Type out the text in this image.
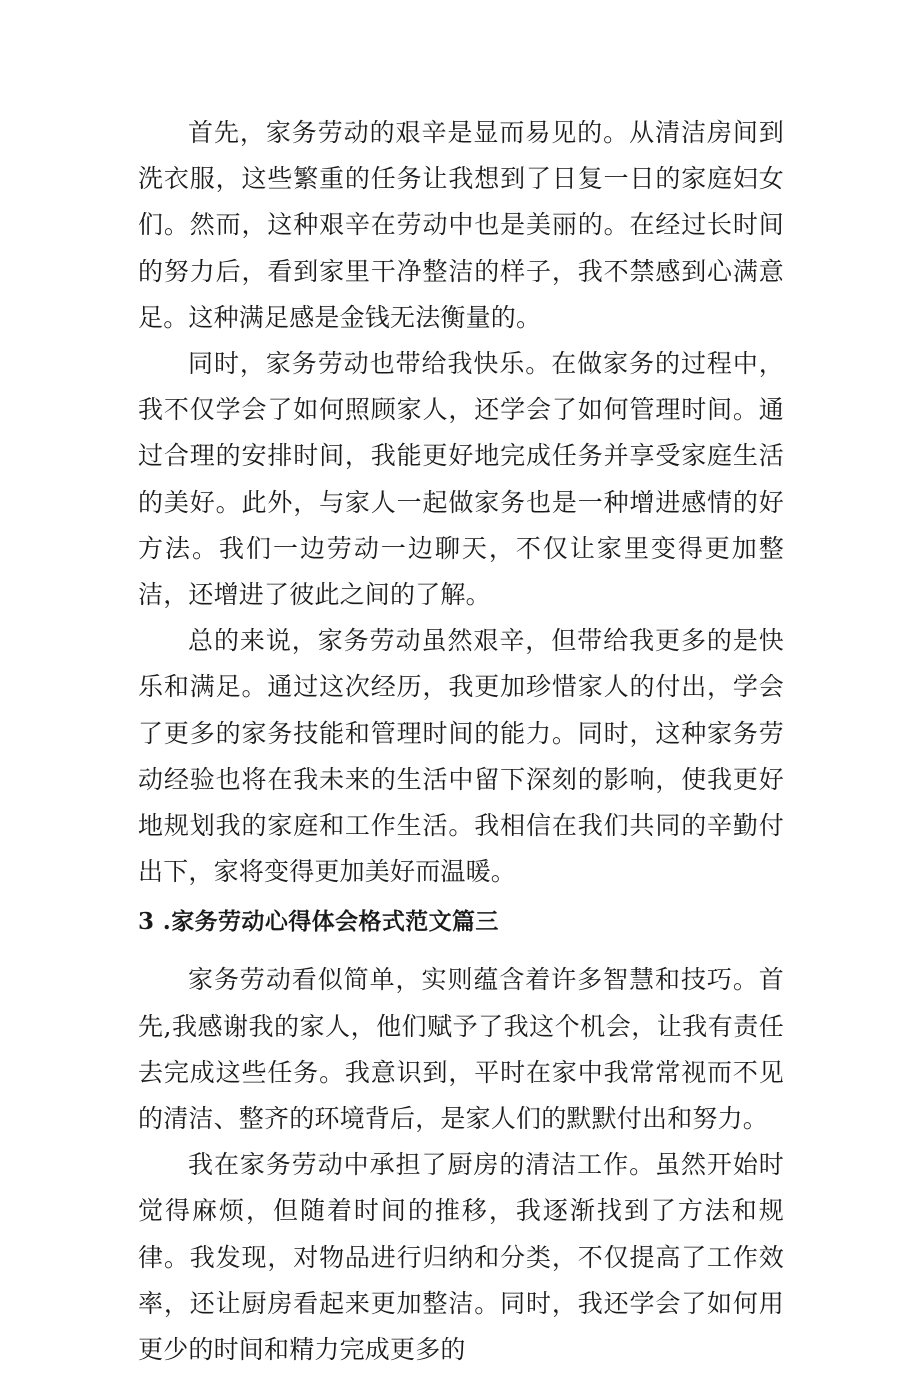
首先，家务劳动的艰辛是显而易见的。从清洁房间到洗衣服，这些繁重的任务让我想到了日复一日的家庭妇女们。然而，这种艰辛在劳动中也是美丽的。在经过长时间的努力后，看到家里干净整洁的样子，我不禁感到心满意足。这种满足感是金钱无法衡量的。

同时，家务劳动也带给我快乐。在做家务的过程中，我不仅学会了如何照顾家人，还学会了如何管理时间。通过合理的安排时间，我能更好地完成任务并享受家庭生活的美好。此外，与家人一起做家务也是一种增进感情的好方法。我们一边劳动一边聊天，不仅让家里变得更加整洁，还增进了彼此之间的了解。

总的来说，家务劳动虽然艰辛，但带给我更多的是快乐和满足。通过这次经历，我更加珍惜家人的付出，学会了更多的家务技能和管理时间的能力。同时，这种家务劳动经验也将在我未来的生活中留下深刻的影响，使我更好地规划我的家庭和工作生活。我相信在我们共同的辛勤付出下，家将变得更加美好而温暖。

3 .家务劳动心得体会格式范文篇三

家务劳动看似简单，实则蕴含着许多智慧和技巧。首先,我感谢我的家人，他们赋予了我这个机会，让我有责任去完成这些任务。我意识到，平时在家中我常常视而不见的清洁、整齐的环境背后，是家人们的默默付出和努力。

我在家务劳动中承担了厨房的清洁工作。虽然开始时觉得麻烦，但随着时间的推移，我逐渐找到了方法和规律。我发现，对物品进行归纳和分类，不仅提高了工作效率，还让厨房看起来更加整洁。同时，我还学会了如何用更少的时间和精力完成更多的
